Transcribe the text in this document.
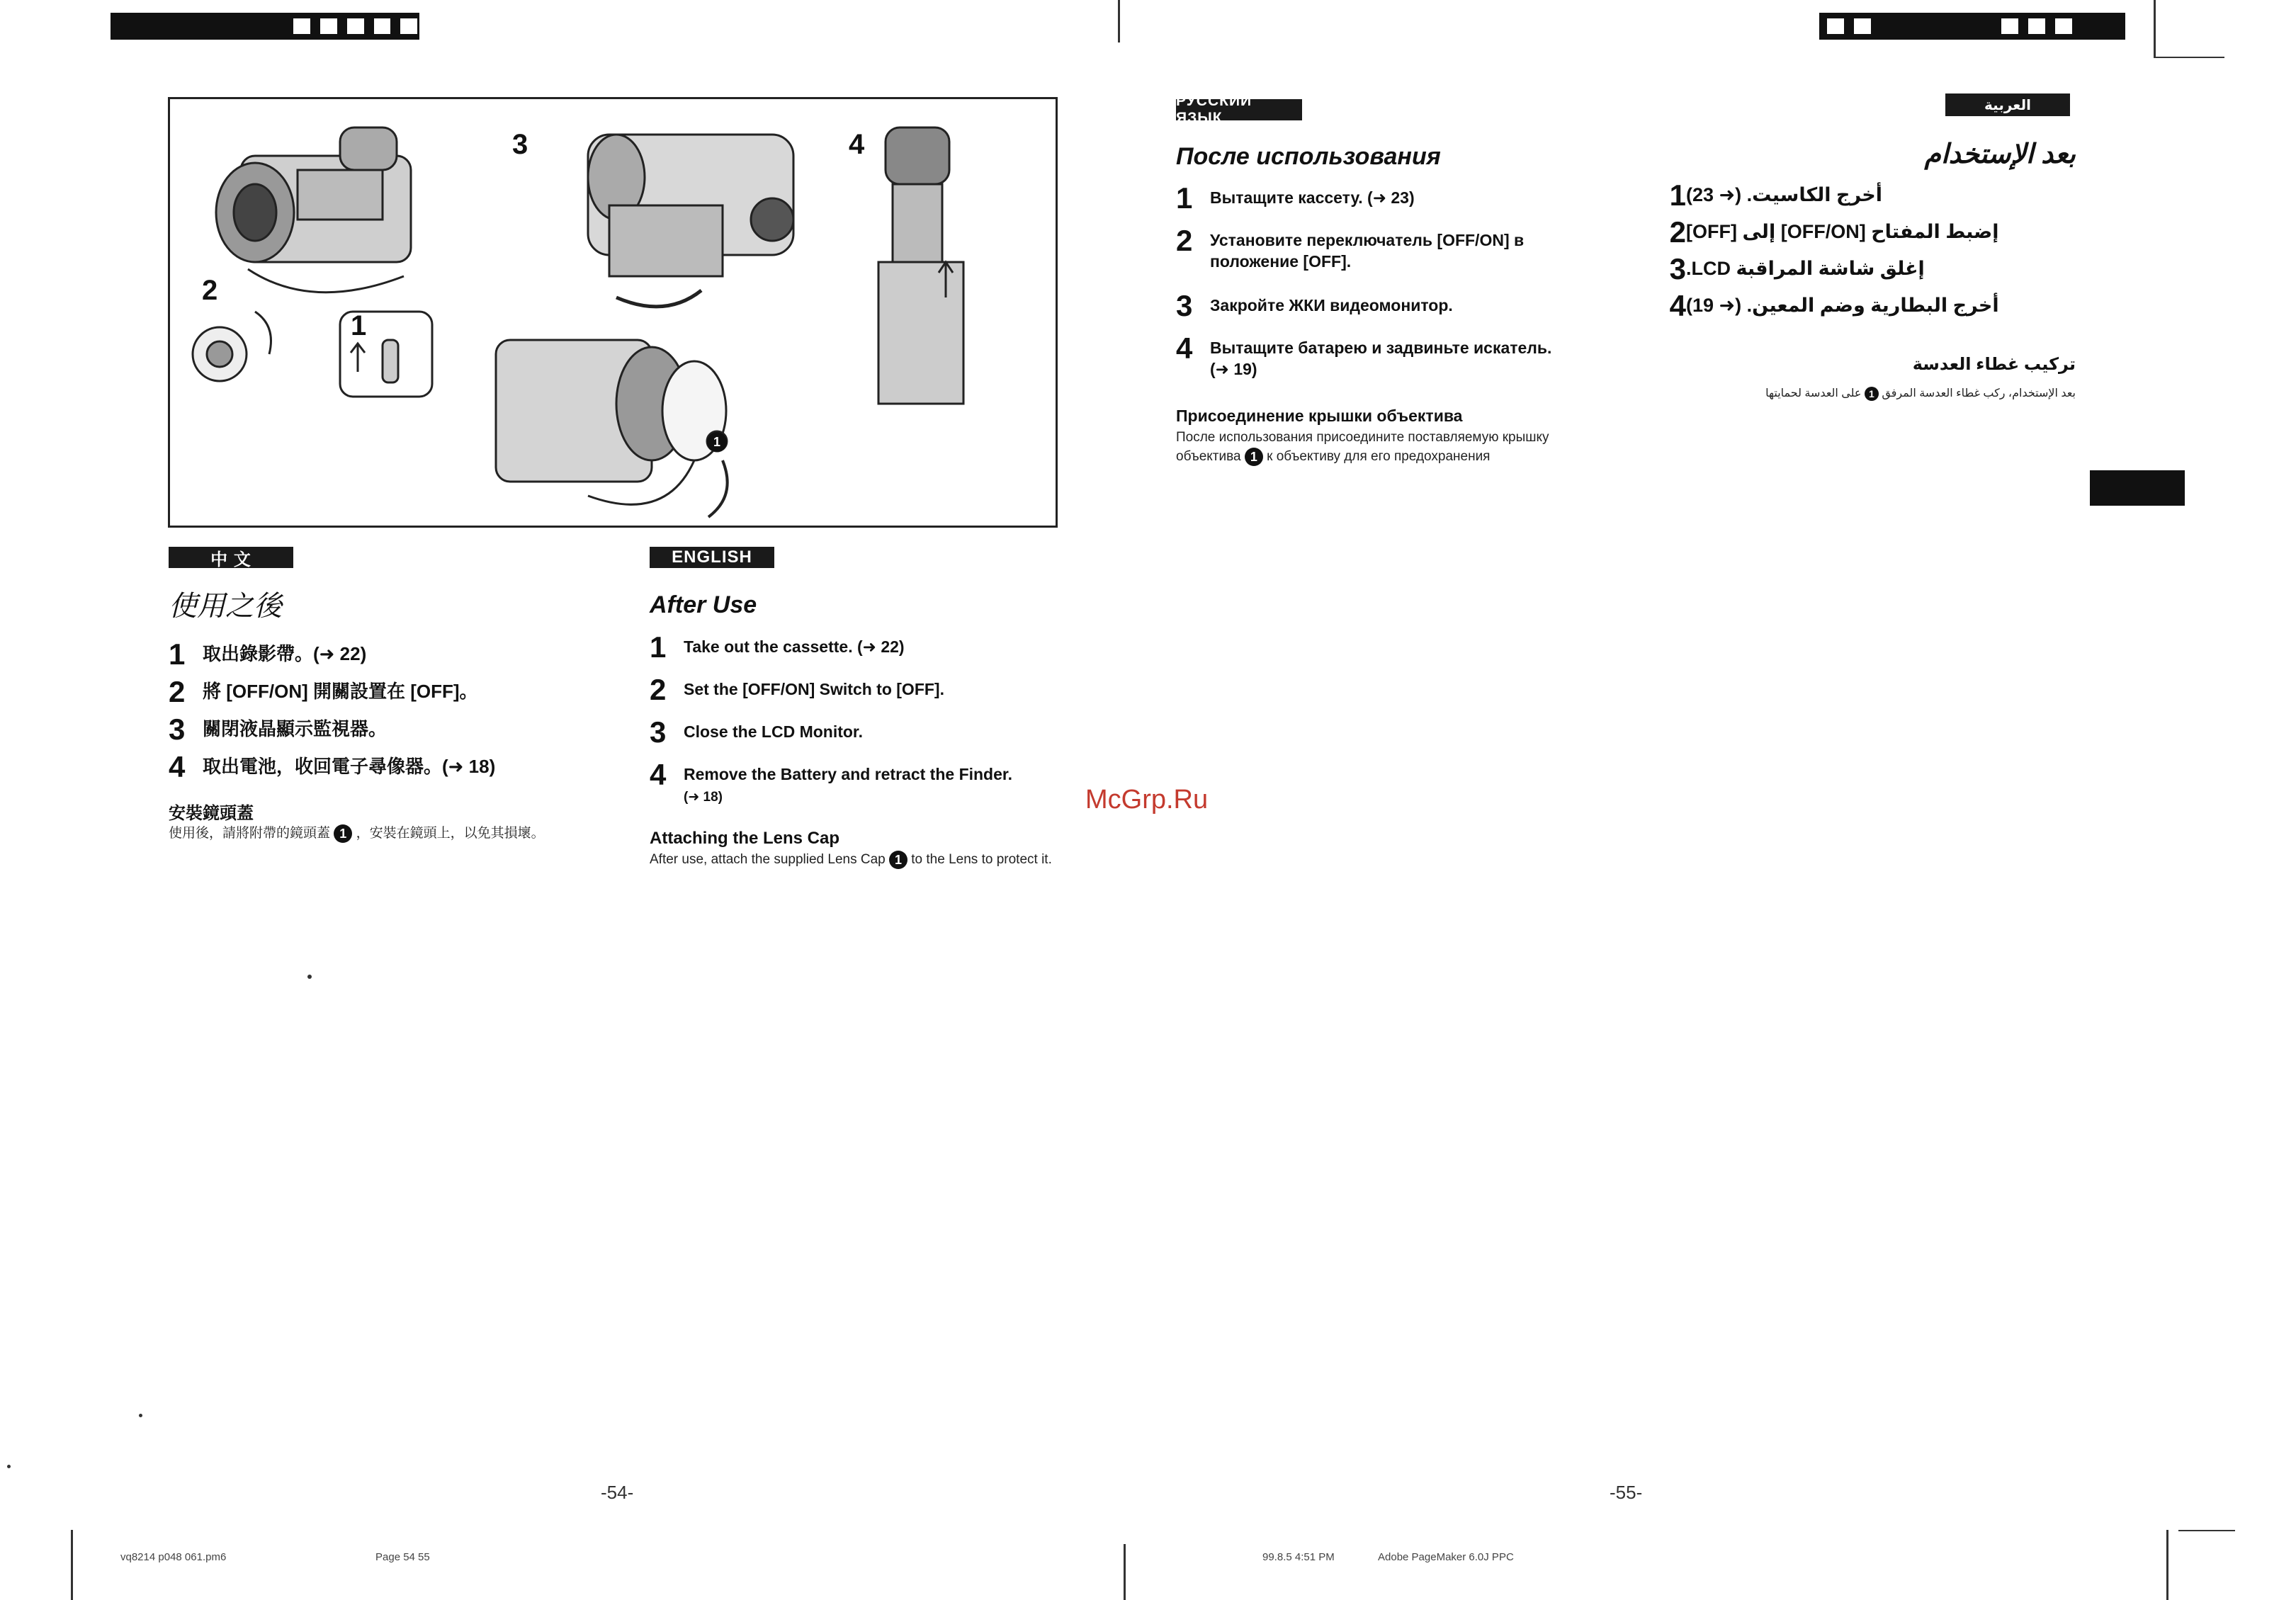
1
2
3	4
1
中 文
使用之後
1 取出錄影帶。(➜ 22)
2 將 [OFF/ON] 開關設置在 [OFF]。
3 關閉液晶顯示監視器。
4 取出電池，收回電子尋像器。(➜ 18)
安裝鏡頭蓋
使用後，請將附帶的鏡頭蓋 1 ，安裝在鏡頭上，以免其損壞。
ENGLISH
After Use
1	Take out the cassette. (➜ 22)
2	Set the [OFF/ON] Switch to [OFF].
3	Close the LCD Monitor.
4	Remove the Battery and retract the Finder.
(➜ 18)
Attaching the Lens Cap
After use, attach the supplied Lens Cap 1 to the Lens to protect it.
РУССКИЙ ЯЗЫК
После использования
1	Вытащите кассету. (➜ 23)
2	Установите переключатель [OFF/ON] в положение [OFF].
3	Закройте ЖКИ видеомонитор.
4	Вытащите батарею и задвиньте искатель. (➜ 19)
Присоединение крышки объектива
После использования присоедините поставляемую крышку объектива 1 к объективу для его предохранения
العربية
بعد الإستخدام
1 أخرج الكاسيت. (➜ 23)
2 إضبط المفتاح [OFF/ON] إلى [OFF]
3 إغلق شاشة المراقبة LCD.
4 أخرج البطارية وضم المعين. (➜ 19)
تركيب غطاء العدسة
بعد الإستخدام، ركب غطاء العدسة المرفق 1 على العدسة لحمايتها
McGrp.Ru
-54-	-55-
vq8214 p048 061.pm6	Page 54 55	99.8.5 4:51 PM	Adobe PageMaker 6.0J PPC
